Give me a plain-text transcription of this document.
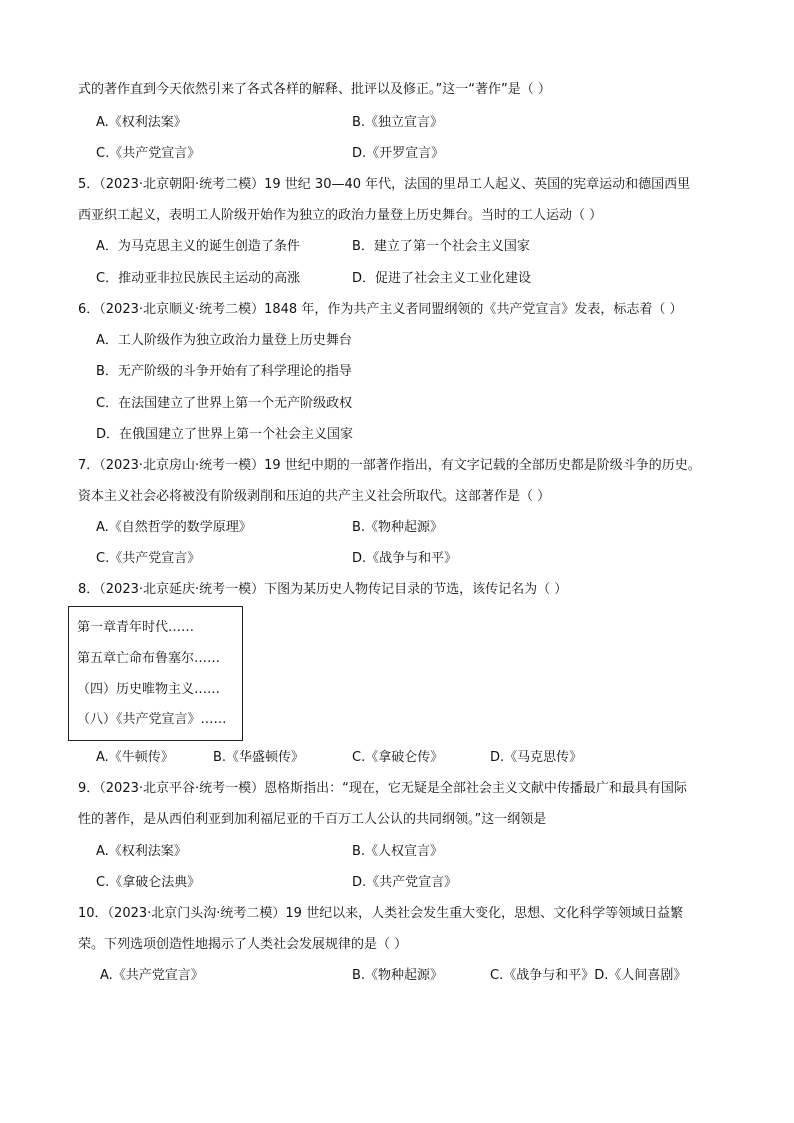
式的著作直到今天依然引来了各式各样的解释、批评以及修正。”这一“著作”是（ ）
A.《权利法案》	B.《独立宣言》
C.《共产党宣言》	D.《开罗宣言》
5．（2023·北京朝阳·统考二模）19 世纪 30—40 年代，法国的里昂工人起义、英国的宪章运动和德国西里
西亚织工起义，表明工人阶级开始作为独立的政治力量登上历史舞台。当时的工人运动（ ）
A．为马克思主义的诞生创造了条件	B．建立了第一个社会主义国家
C．推动亚非拉民族民主运动的高涨	D．促进了社会主义工业化建设
6．（2023·北京顺义·统考二模）1848 年，作为共产主义者同盟纲领的《共产党宣言》发表，标志着（ ）
A．工人阶级作为独立政治力量登上历史舞台
B．无产阶级的斗争开始有了科学理论的指导
C．在法国建立了世界上第一个无产阶级政权
D．在俄国建立了世界上第一个社会主义国家
7．（2023·北京房山·统考一模）19 世纪中期的一部著作指出，有文字记载的全部历史都是阶级斗争的历史。
资本主义社会必将被没有阶级剥削和压迫的共产主义社会所取代。这部著作是（ ）
A.《自然哲学的数学原理》	B.《物种起源》
C.《共产党宣言》	D.《战争与和平》
8．（2023·北京延庆·统考一模）下图为某历史人物传记目录的节选，该传记名为（ ）
第一章青年时代……
第五章亡命布鲁塞尔……
（四）历史唯物主义……
（八）《共产党宣言》……
A.《牛顿传》	B.《华盛顿传》	C.《拿破仑传》	D.《马克思传》
9．（2023·北京平谷·统考一模）恩格斯指出：“现在，它无疑是全部社会主义文献中传播最广和最具有国际
性的著作，是从西伯利亚到加利福尼亚的千百万工人公认的共同纲领。”这一纲领是
A.《权利法案》	B.《人权宣言》
C.《拿破仑法典》	D.《共产党宣言》
10．（2023·北京门头沟·统考二模）19 世纪以来，人类社会发生重大变化，思想、文化科学等领域日益繁
荣。下列选项创造性地揭示了人类社会发展规律的是（ ）
A.《共产党宣言》	B.《物种起源》	C.《战争与和平》D.《人间喜剧》
